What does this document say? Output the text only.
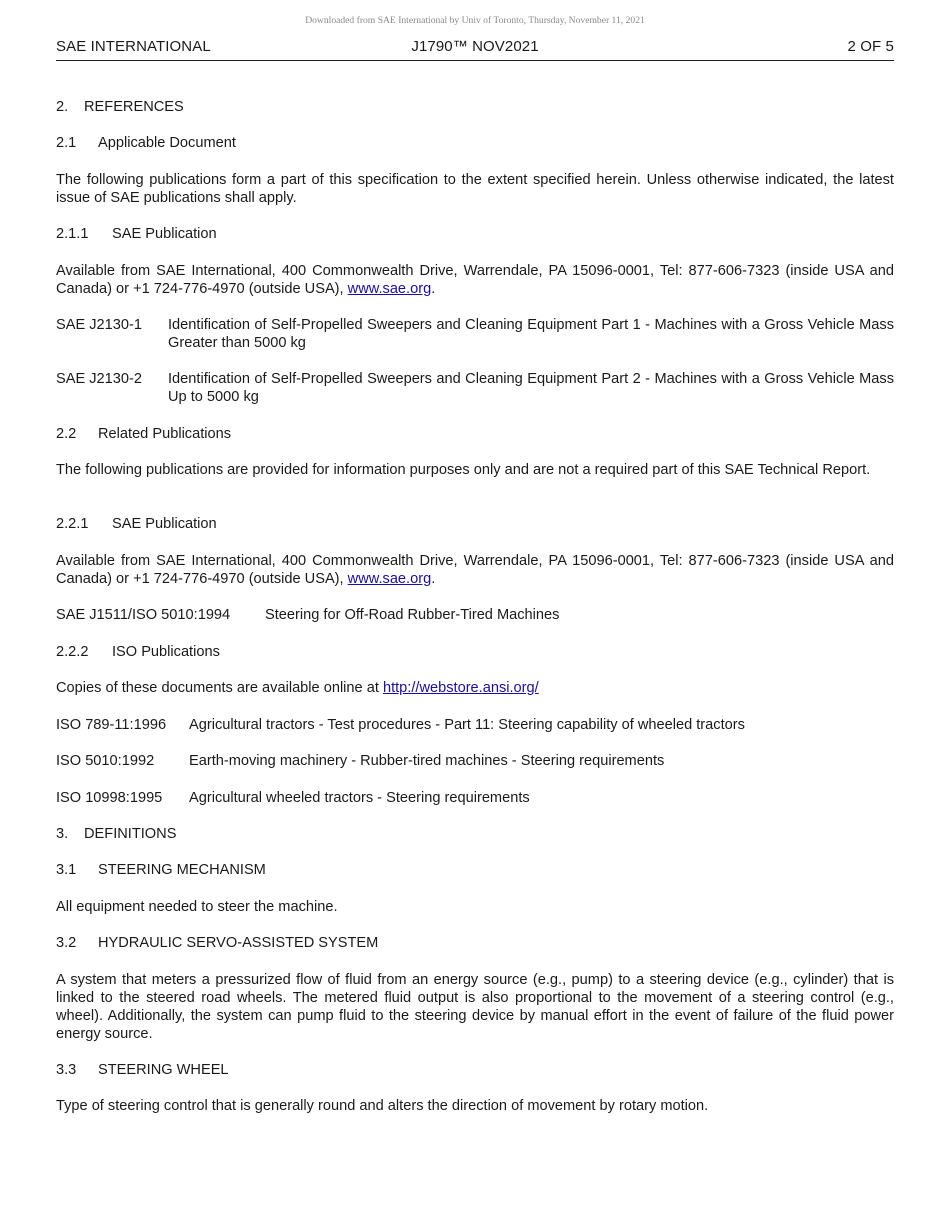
Downloaded from SAE International by Univ of Toronto, Thursday, November 11, 2021
SAE INTERNATIONAL	J1790™ NOV2021	2 OF 5
2. REFERENCES
2.1 Applicable Document
The following publications form a part of this specification to the extent specified herein. Unless otherwise indicated, the latest issue of SAE publications shall apply.
2.1.1 SAE Publication
Available from SAE International, 400 Commonwealth Drive, Warrendale, PA 15096-0001, Tel: 877-606-7323 (inside USA and Canada) or +1 724-776-4970 (outside USA), www.sae.org.
SAE J2130-1 Identification of Self-Propelled Sweepers and Cleaning Equipment Part 1 - Machines with a Gross Vehicle Mass Greater than 5000 kg
SAE J2130-2 Identification of Self-Propelled Sweepers and Cleaning Equipment Part 2 - Machines with a Gross Vehicle Mass Up to 5000 kg
2.2 Related Publications
The following publications are provided for information purposes only and are not a required part of this SAE Technical Report.
2.2.1 SAE Publication
Available from SAE International, 400 Commonwealth Drive, Warrendale, PA 15096-0001, Tel: 877-606-7323 (inside USA and Canada) or +1 724-776-4970 (outside USA), www.sae.org.
SAE J1511/ISO 5010:1994 Steering for Off-Road Rubber-Tired Machines
2.2.2 ISO Publications
Copies of these documents are available online at http://webstore.ansi.org/
ISO 789-11:1996 Agricultural tractors - Test procedures - Part 11: Steering capability of wheeled tractors
ISO 5010:1992 Earth-moving machinery - Rubber-tired machines - Steering requirements
ISO 10998:1995 Agricultural wheeled tractors - Steering requirements
3. DEFINITIONS
3.1 STEERING MECHANISM
All equipment needed to steer the machine.
3.2 HYDRAULIC SERVO-ASSISTED SYSTEM
A system that meters a pressurized flow of fluid from an energy source (e.g., pump) to a steering device (e.g., cylinder) that is linked to the steered road wheels. The metered fluid output is also proportional to the movement of a steering control (e.g., wheel). Additionally, the system can pump fluid to the steering device by manual effort in the event of failure of the fluid power energy source.
3.3 STEERING WHEEL
Type of steering control that is generally round and alters the direction of movement by rotary motion.
